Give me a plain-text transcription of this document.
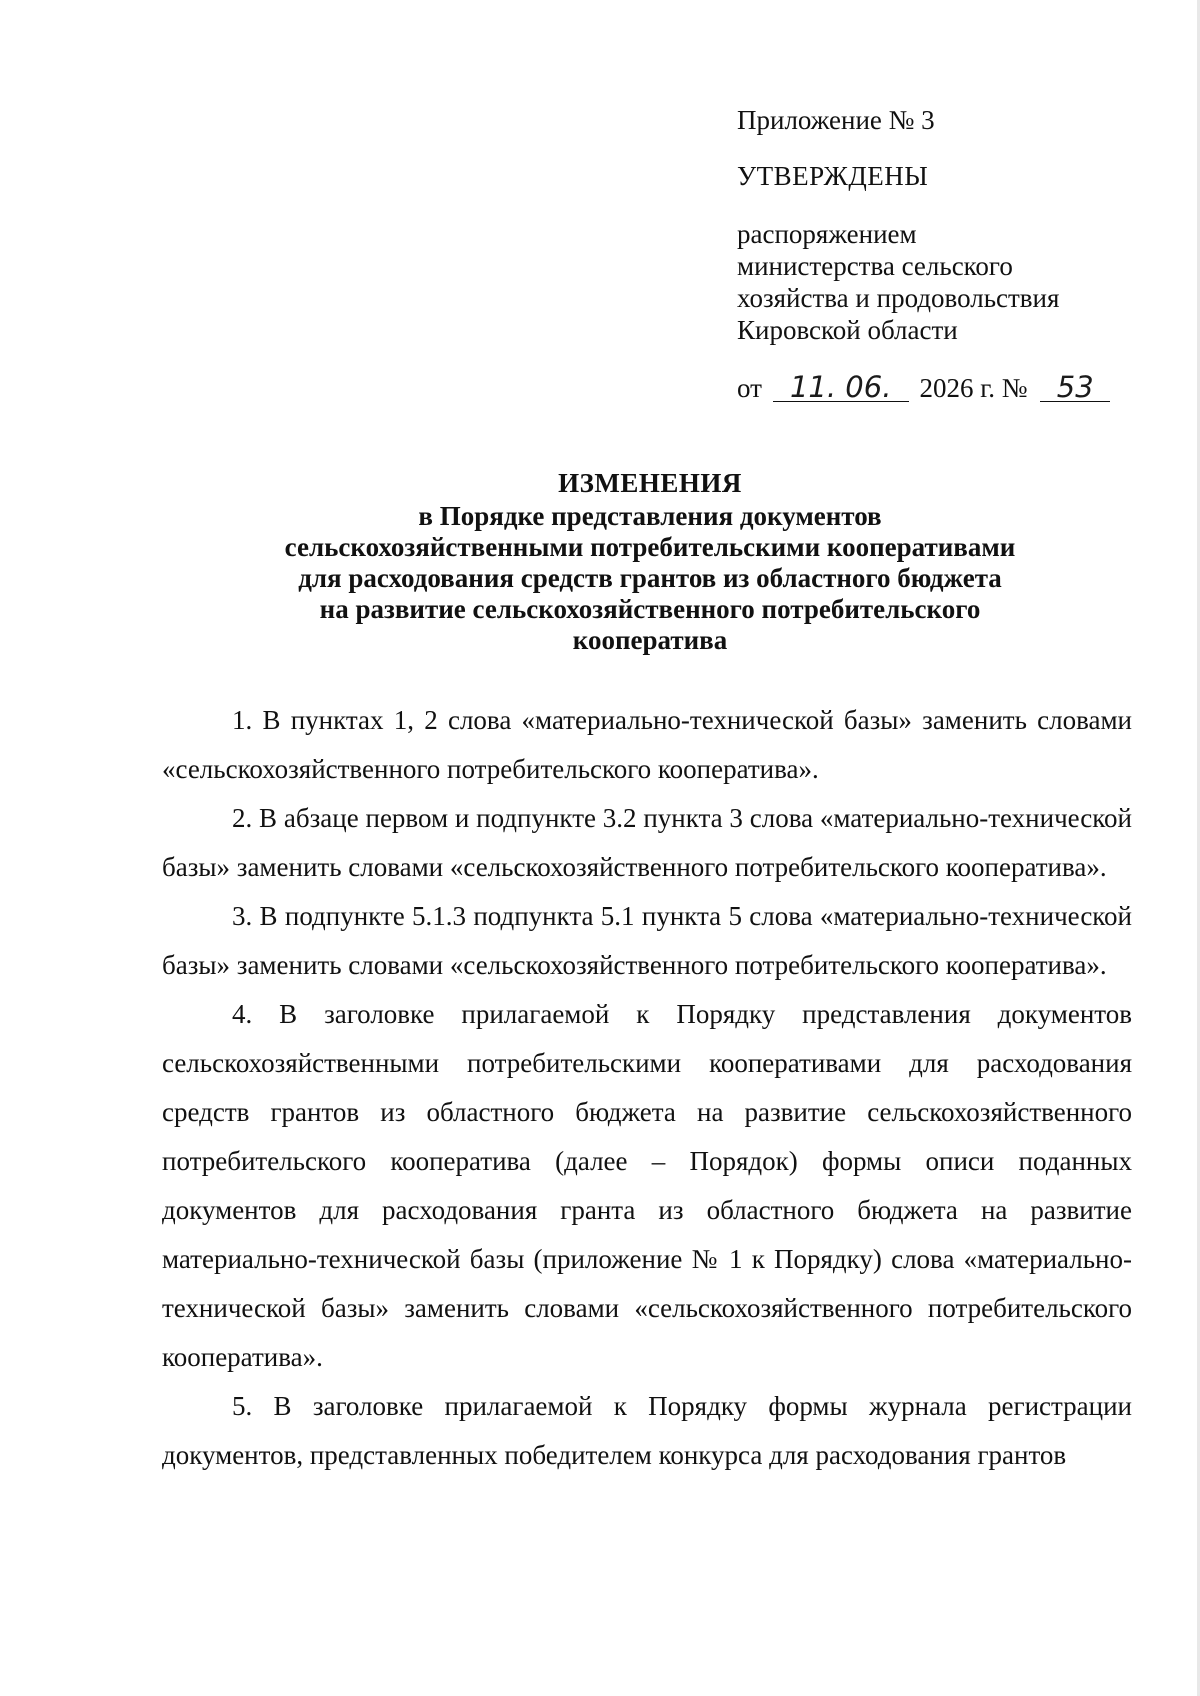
Приложение № 3
УТВЕРЖДЕНЫ
распоряжением
министерства сельского
хозяйства и продовольствия
Кировской области
от 11. 06. 2026 г. № 53
ИЗМЕНЕНИЯ
в Порядке представления документов
сельскохозяйственными потребительскими кооперативами
для расходования средств грантов из областного бюджета
на развитие сельскохозяйственного потребительского
кооператива

1. В пунктах 1, 2 слова «материально-технической базы» заменить словами «сельскохозяйственного потребительского кооператива».

2. В абзаце первом и подпункте 3.2 пункта 3 слова «материально-технической базы» заменить словами «сельскохозяйственного потребительского кооператива».

3. В подпункте 5.1.3 подпункта 5.1 пункта 5 слова «материально-технической базы» заменить словами «сельскохозяйственного потребительского кооператива».

4. В заголовке прилагаемой к Порядку представления документов сельскохозяйственными потребительскими кооперативами для расходования средств грантов из областного бюджета на развитие сельскохозяйственного потребительского кооператива (далее – Порядок) формы описи поданных документов для расходования гранта из областного бюджета на развитие материально-технической базы (приложение № 1 к Порядку) слова «материально-технической базы» заменить словами «сельскохозяйственного потребительского кооператива».

5. В заголовке прилагаемой к Порядку формы журнала регистрации документов, представленных победителем конкурса для расходования грантов
